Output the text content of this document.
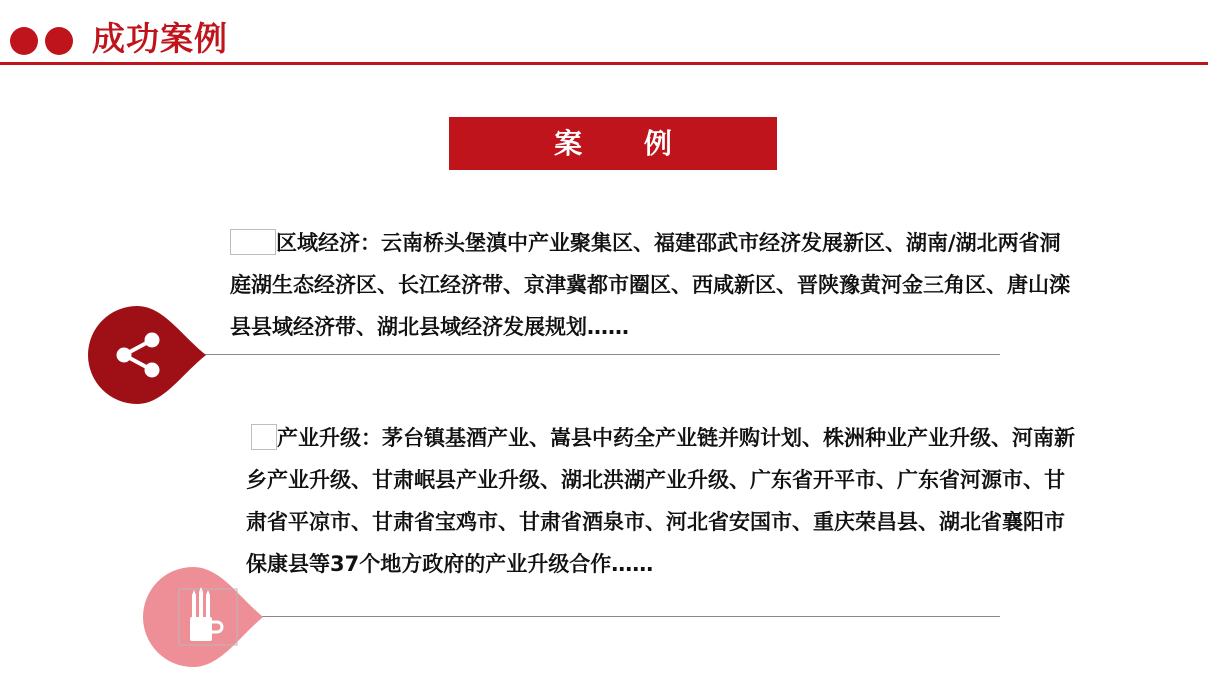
成功案例
案 例
区域经济：云南桥头堡滇中产业聚集区、福建邵武市经济发展新区、湖南/湖北两省洞庭湖生态经济区、长江经济带、京津冀都市圈区、西咸新区、晋陕豫黄河金三角区、唐山滦县县域经济带、湖北县域经济发展规划……
产业升级：茅台镇基酒产业、嵩县中药全产业链并购计划、株洲种业产业升级、河南新乡产业升级、甘肃岷县产业升级、湖北洪湖产业升级、广东省开平市、广东省河源市、甘肃省平凉市、甘肃省宝鸡市、甘肃省酒泉市、河北省安国市、重庆荣昌县、湖北省襄阳市保康县等37个地方政府的产业升级合作……
